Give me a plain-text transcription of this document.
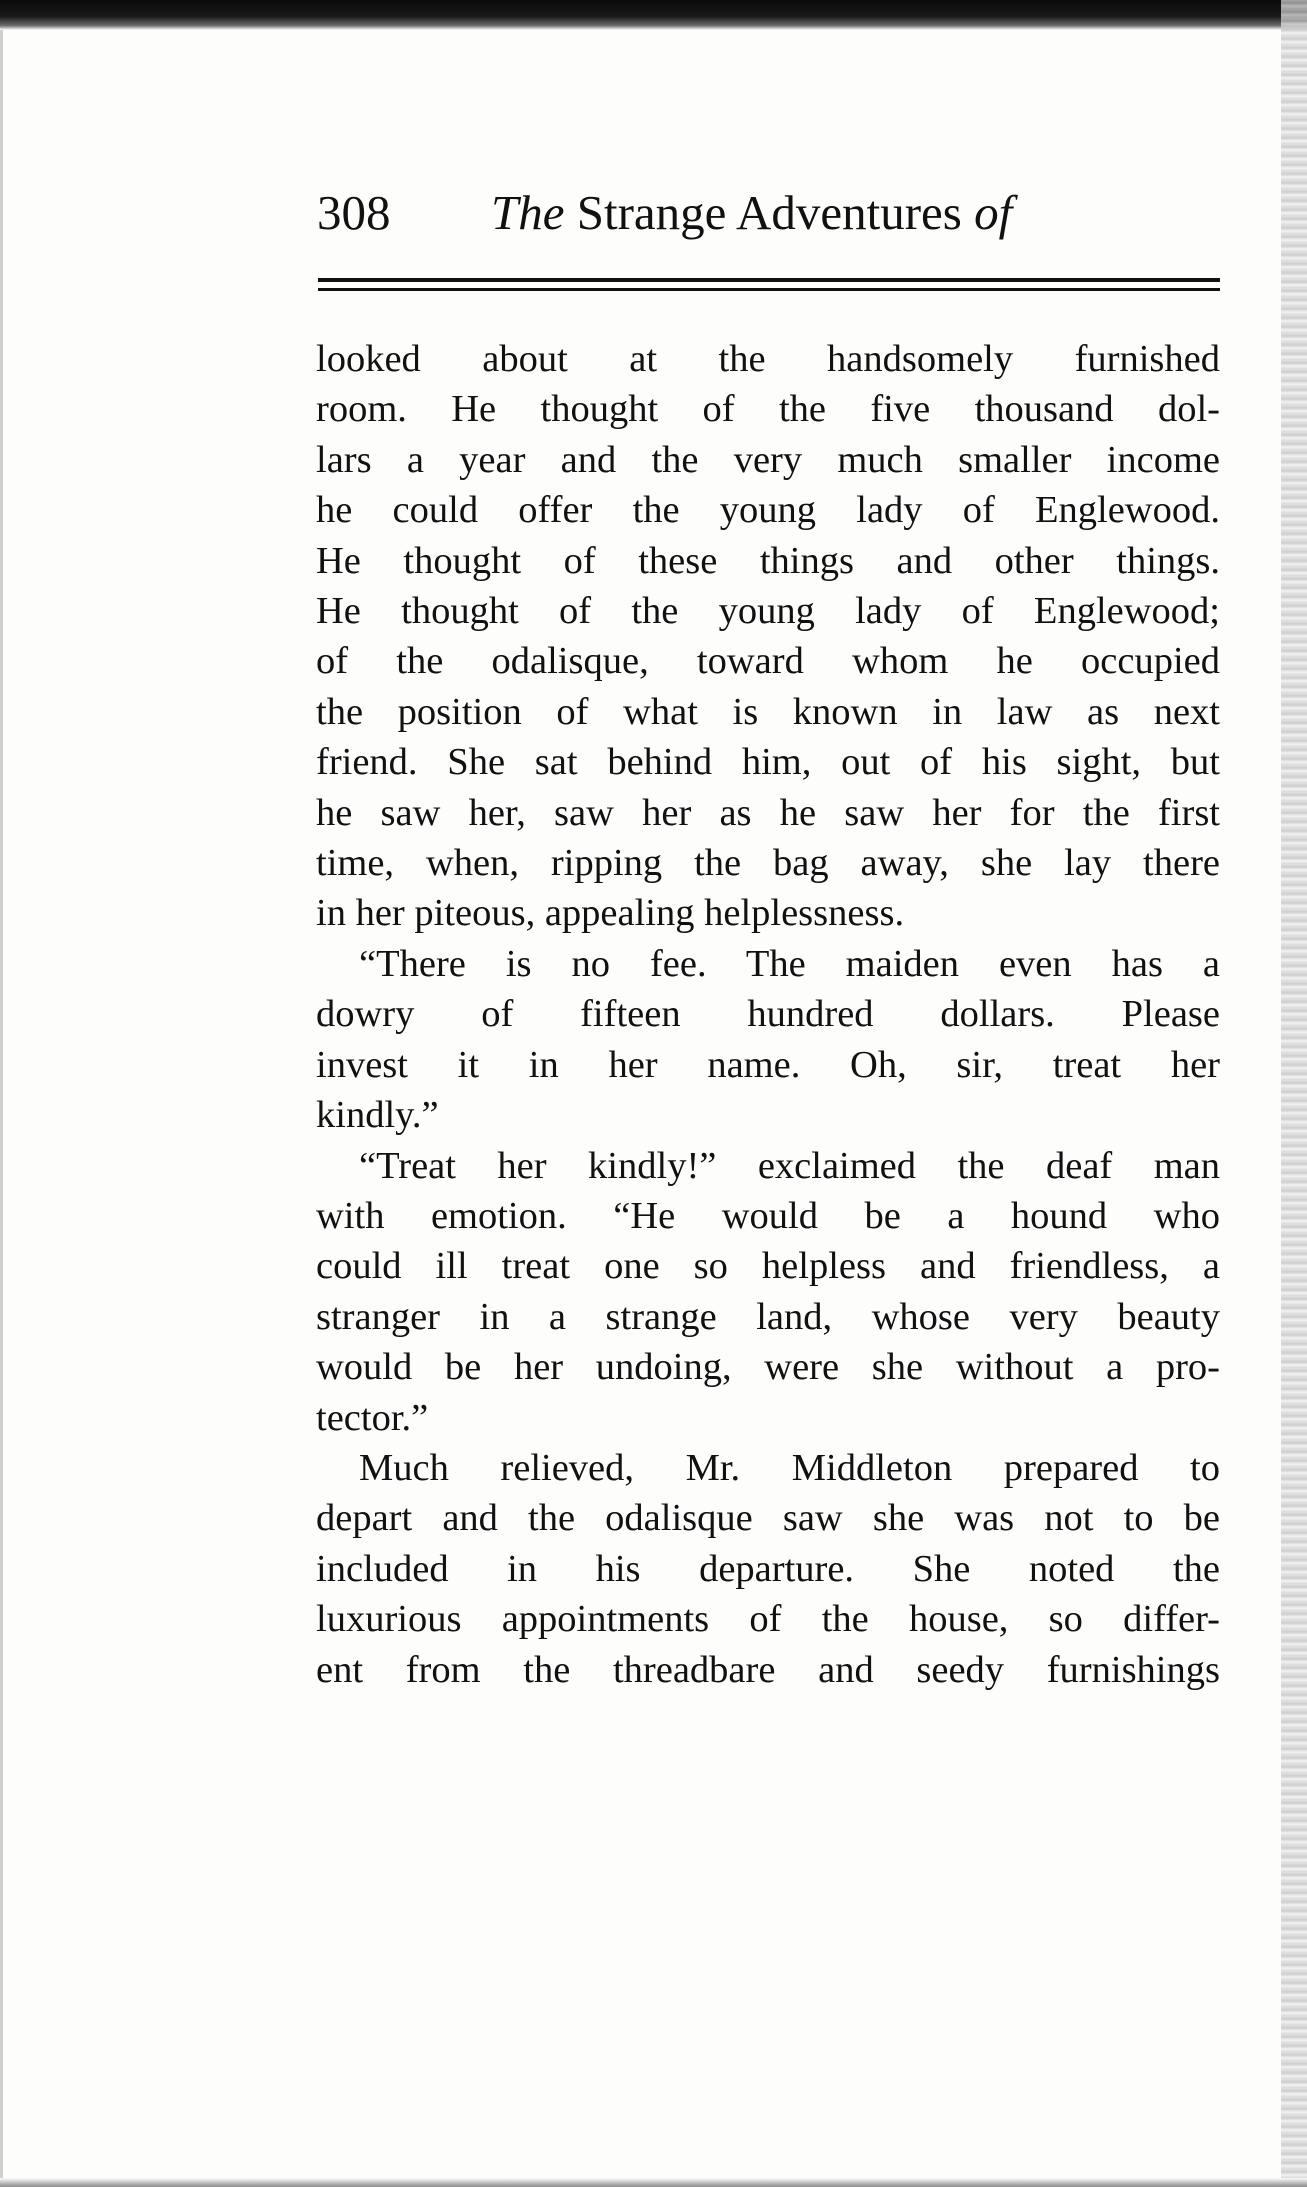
308 The Strange Adventures of

looked about at the handsomely furnished

room. He thought of the five thousand dol-

lars a year and the very much smaller income

he could offer the young lady of Englewood.

He thought of these things and other things.

He thought of the young lady of Englewood;

of the odalisque, toward whom he occupied

the position of what is known in law as next

friend. She sat behind him, out of his sight, but

he saw her, saw her as he saw her for the first

time, when, ripping the bag away, she lay there

in her piteous, appealing helplessness.

“There is no fee. The maiden even has a

dowry of fifteen hundred dollars. Please

invest it in her name. Oh, sir, treat her

kindly.”

“Treat her kindly!” exclaimed the deaf man

with emotion. “He would be a hound who

could ill treat one so helpless and friendless, a

stranger in a strange land, whose very beauty

would be her undoing, were she without a pro-

tector.”

Much relieved, Mr. Middleton prepared to

depart and the odalisque saw she was not to be

included in his departure. She noted the

luxurious appointments of the house, so differ-

ent from the threadbare and seedy furnishings
